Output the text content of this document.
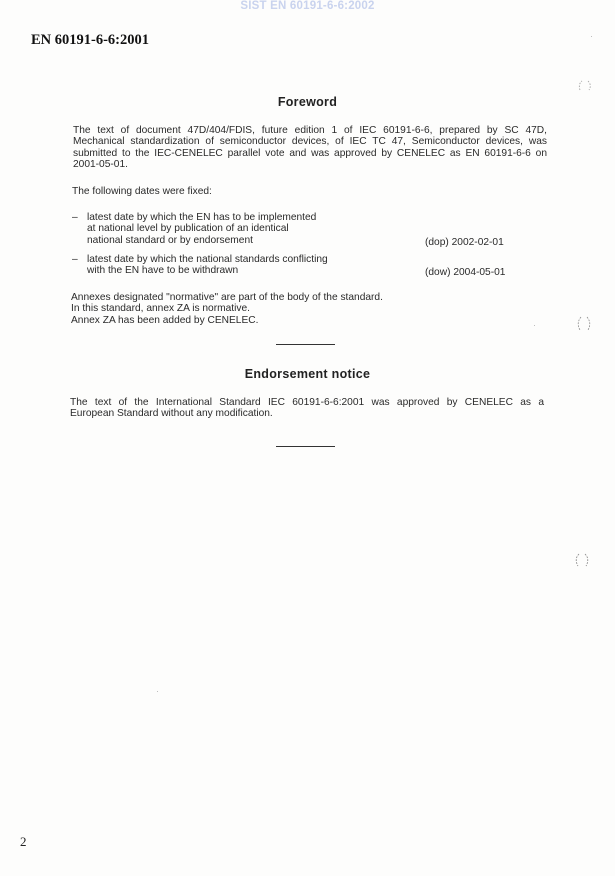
SIST EN 60191-6-6:2002
EN 60191-6-6:2001
Foreword
The text of document 47D/404/FDIS, future edition 1 of IEC 60191-6-6, prepared by SC 47D,
Mechanical standardization of semiconductor devices, of IEC TC 47, Semiconductor devices, was
submitted to the IEC-CENELEC parallel vote and was approved by CENELEC as EN 60191-6-6 on
2001-05-01.
The following dates were fixed:
– latest date by which the EN has to be implemented
at national level by publication of an identical
national standard or by endorsement	(dop) 2002-02-01
– latest date by which the national standards conflicting
with the EN have to be withdrawn	(dow) 2004-05-01
Annexes designated "normative" are part of the body of the standard.
In this standard, annex ZA is normative.
Annex ZA has been added by CENELEC.
Endorsement notice
The text of the International Standard IEC 60191-6-6:2001 was approved by CENELEC as a
European Standard without any modification.
·
·
·
2
